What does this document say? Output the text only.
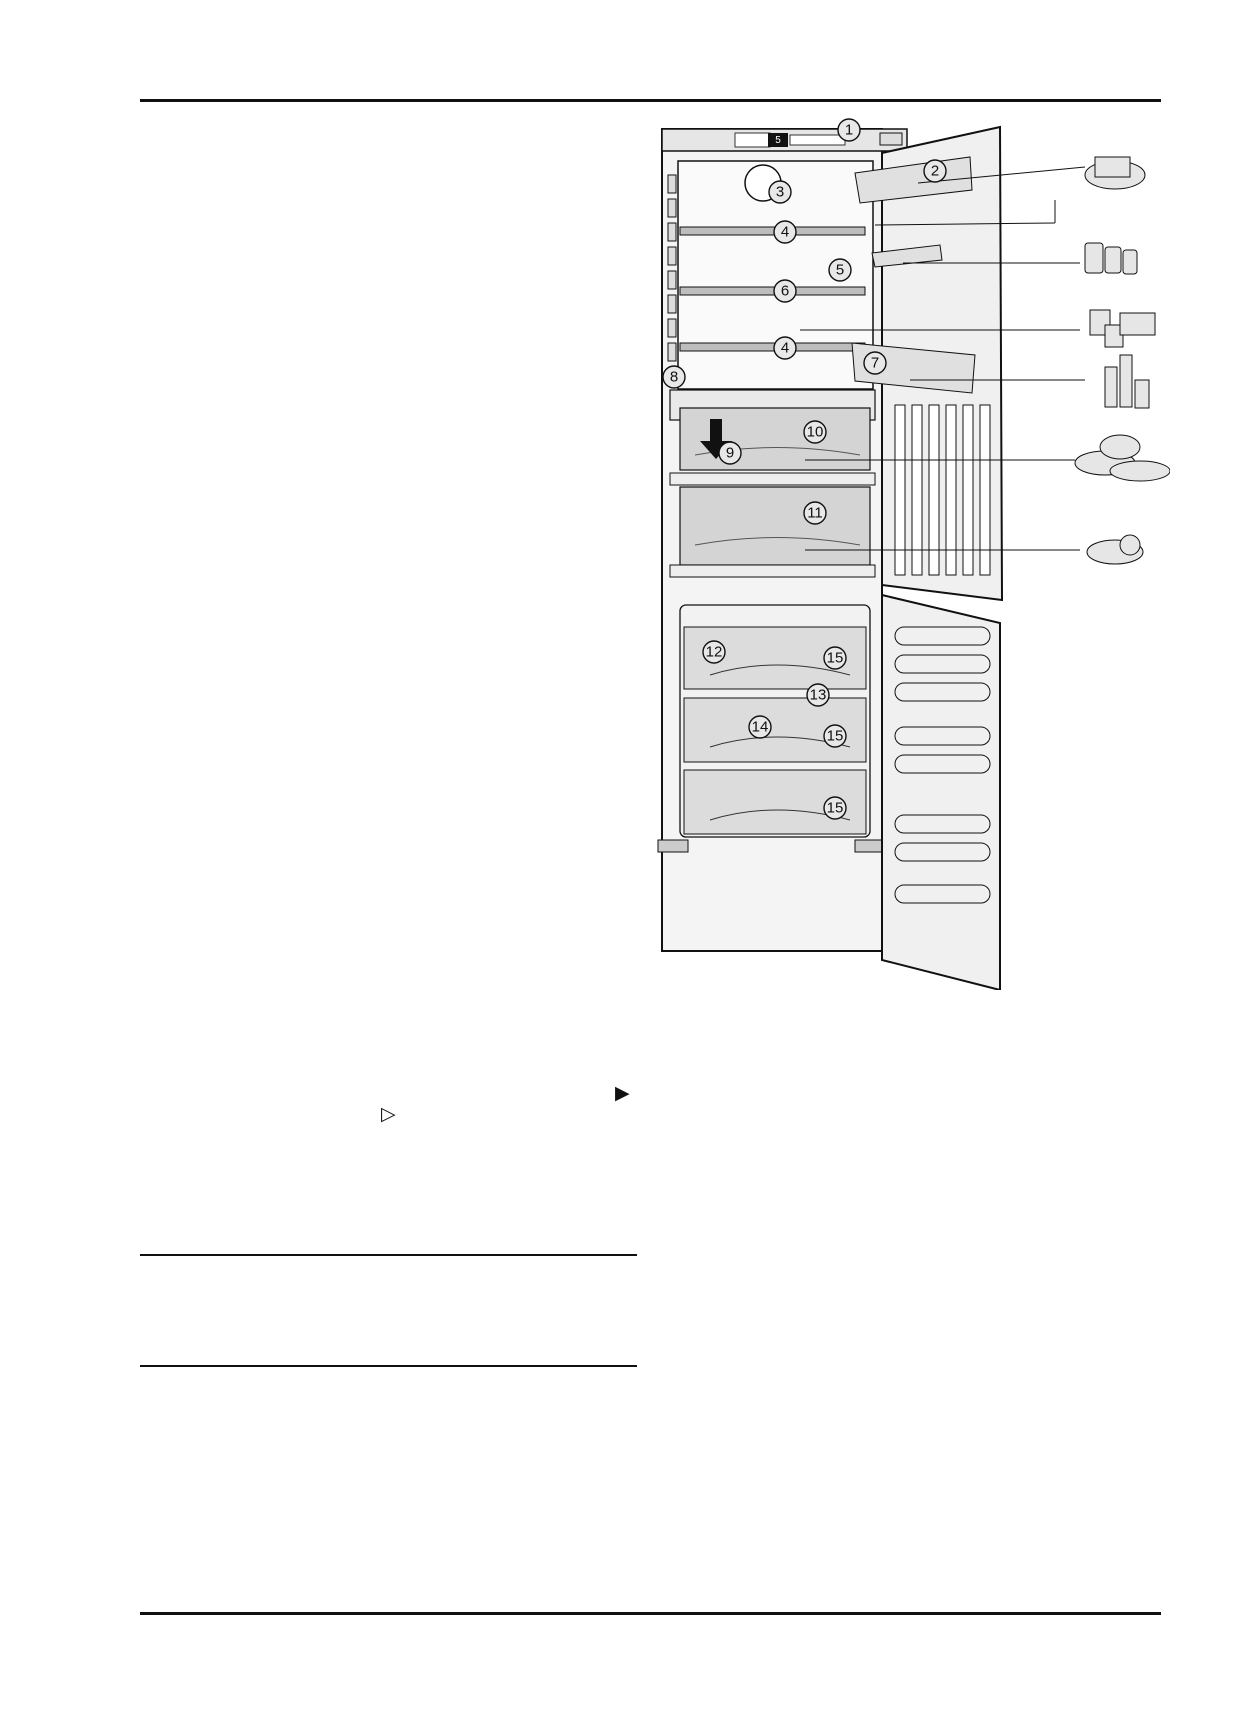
5
1
2
3
4
5
6
4
7
8
9
10
11
12
13
14
15
15
15
▶
▷
